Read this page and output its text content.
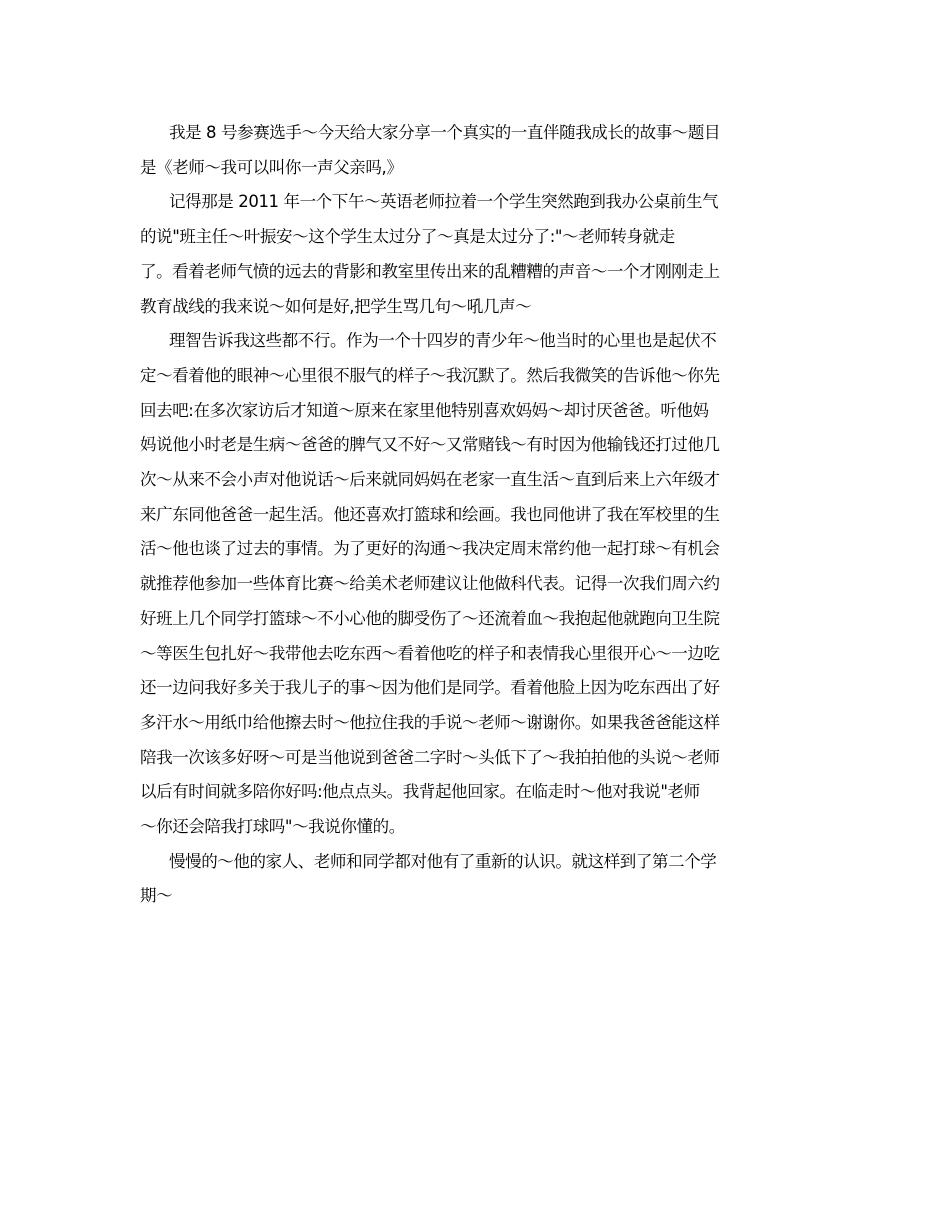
我是 8 号参赛选手～今天给大家分享一个真实的一直伴随我成长的故事～题目
是《老师～我可以叫你一声父亲吗,》

记得那是 2011 年一个下午～英语老师拉着一个学生突然跑到我办公桌前生气
的说"班主任～叶振安～这个学生太过分了～真是太过分了:"～老师转身就走
了。看着老师气愤的远去的背影和教室里传出来的乱糟糟的声音～一个才刚刚走上
教育战线的我来说～如何是好,把学生骂几句～吼几声～

理智告诉我这些都不行。作为一个十四岁的青少年～他当时的心里也是起伏不
定～看着他的眼神～心里很不服气的样子～我沉默了。然后我微笑的告诉他～你先
回去吧:在多次家访后才知道～原来在家里他特别喜欢妈妈～却讨厌爸爸。听他妈
妈说他小时老是生病～爸爸的脾气又不好～又常赌钱～有时因为他输钱还打过他几
次～从来不会小声对他说话～后来就同妈妈在老家一直生活～直到后来上六年级才
来广东同他爸爸一起生活。他还喜欢打篮球和绘画。我也同他讲了我在军校里的生
活～他也谈了过去的事情。为了更好的沟通～我决定周末常约他一起打球～有机会
就推荐他参加一些体育比赛～给美术老师建议让他做科代表。记得一次我们周六约
好班上几个同学打篮球～不小心他的脚受伤了～还流着血～我抱起他就跑向卫生院
～等医生包扎好～我带他去吃东西～看着他吃的样子和表情我心里很开心～一边吃
还一边问我好多关于我儿子的事～因为他们是同学。看着他脸上因为吃东西出了好
多汗水～用纸巾给他擦去时～他拉住我的手说～老师～谢谢你。如果我爸爸能这样
陪我一次该多好呀～可是当他说到爸爸二字时～头低下了～我拍拍他的头说～老师
以后有时间就多陪你好吗:他点点头。我背起他回家。在临走时～他对我说"老师
～你还会陪我打球吗"～我说你懂的。

慢慢的～他的家人、老师和同学都对他有了重新的认识。就这样到了第二个学
期～
